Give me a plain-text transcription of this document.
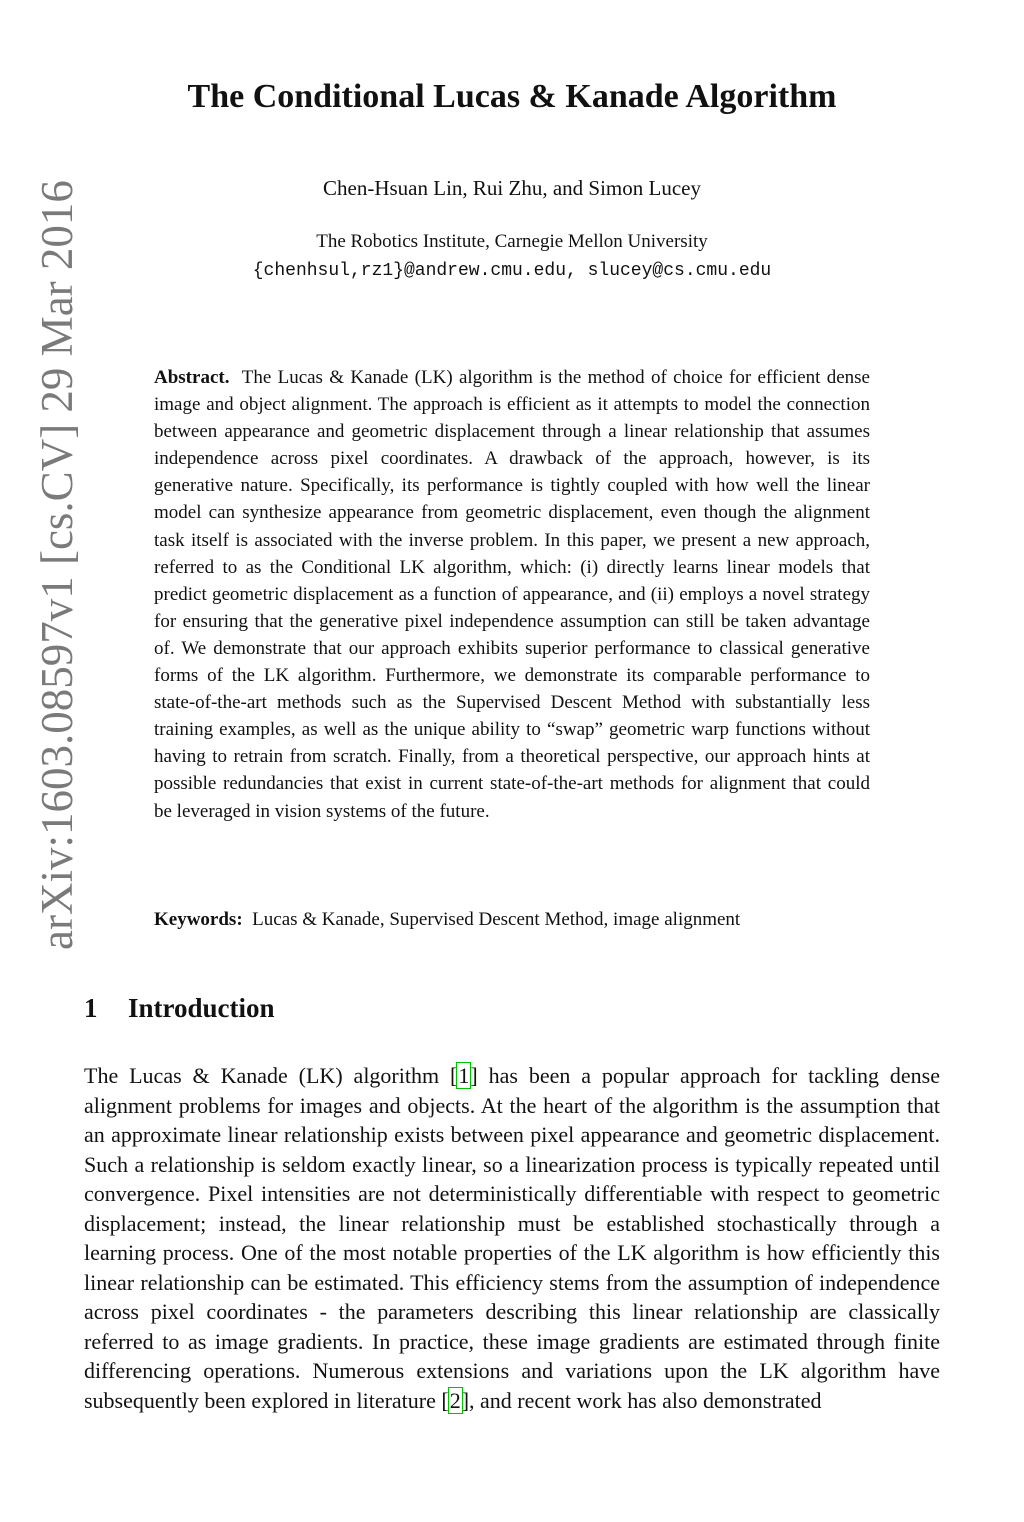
arXiv:1603.08597v1 [cs.CV] 29 Mar 2016
The Conditional Lucas & Kanade Algorithm
Chen-Hsuan Lin, Rui Zhu, and Simon Lucey
The Robotics Institute, Carnegie Mellon University
{chenhsul,rz1}@andrew.cmu.edu, slucey@cs.cmu.edu

Abstract. The Lucas & Kanade (LK) algorithm is the method of choice for efficient dense image and object alignment. The approach is efficient as it attempts to model the connection between appearance and geometric displacement through a linear relationship that assumes independence across pixel coordinates. A drawback of the approach, however, is its generative nature. Specifically, its performance is tightly coupled with how well the linear model can synthesize appearance from geometric displacement, even though the alignment task itself is associated with the inverse problem. In this paper, we present a new approach, referred to as the Conditional LK algorithm, which: (i) directly learns linear models that predict geometric displacement as a function of appearance, and (ii) employs a novel strategy for ensuring that the generative pixel independence assumption can still be taken advantage of. We demonstrate that our approach exhibits superior performance to classical generative forms of the LK algorithm. Furthermore, we demonstrate its comparable performance to state-of-the-art methods such as the Supervised Descent Method with substantially less training examples, as well as the unique ability to “swap” geometric warp functions without having to retrain from scratch. Finally, from a theoretical perspective, our approach hints at possible redundancies that exist in current state-of-the-art methods for alignment that could be leveraged in vision systems of the future.

Keywords: Lucas & Kanade, Supervised Descent Method, image alignment

1 Introduction

The Lucas & Kanade (LK) algorithm [1] has been a popular approach for tackling dense alignment problems for images and objects. At the heart of the algorithm is the assumption that an approximate linear relationship exists between pixel appearance and geometric displacement. Such a relationship is seldom exactly linear, so a linearization process is typically repeated until convergence. Pixel intensities are not deterministically differentiable with respect to geometric displacement; instead, the linear relationship must be established stochastically through a learning process. One of the most notable properties of the LK algorithm is how efficiently this linear relationship can be estimated. This efficiency stems from the assumption of independence across pixel coordinates - the parameters describing this linear relationship are classically referred to as image gradients. In practice, these image gradients are estimated through finite differencing operations. Numerous extensions and variations upon the LK algorithm have subsequently been explored in literature [2], and recent work has also demonstrated
